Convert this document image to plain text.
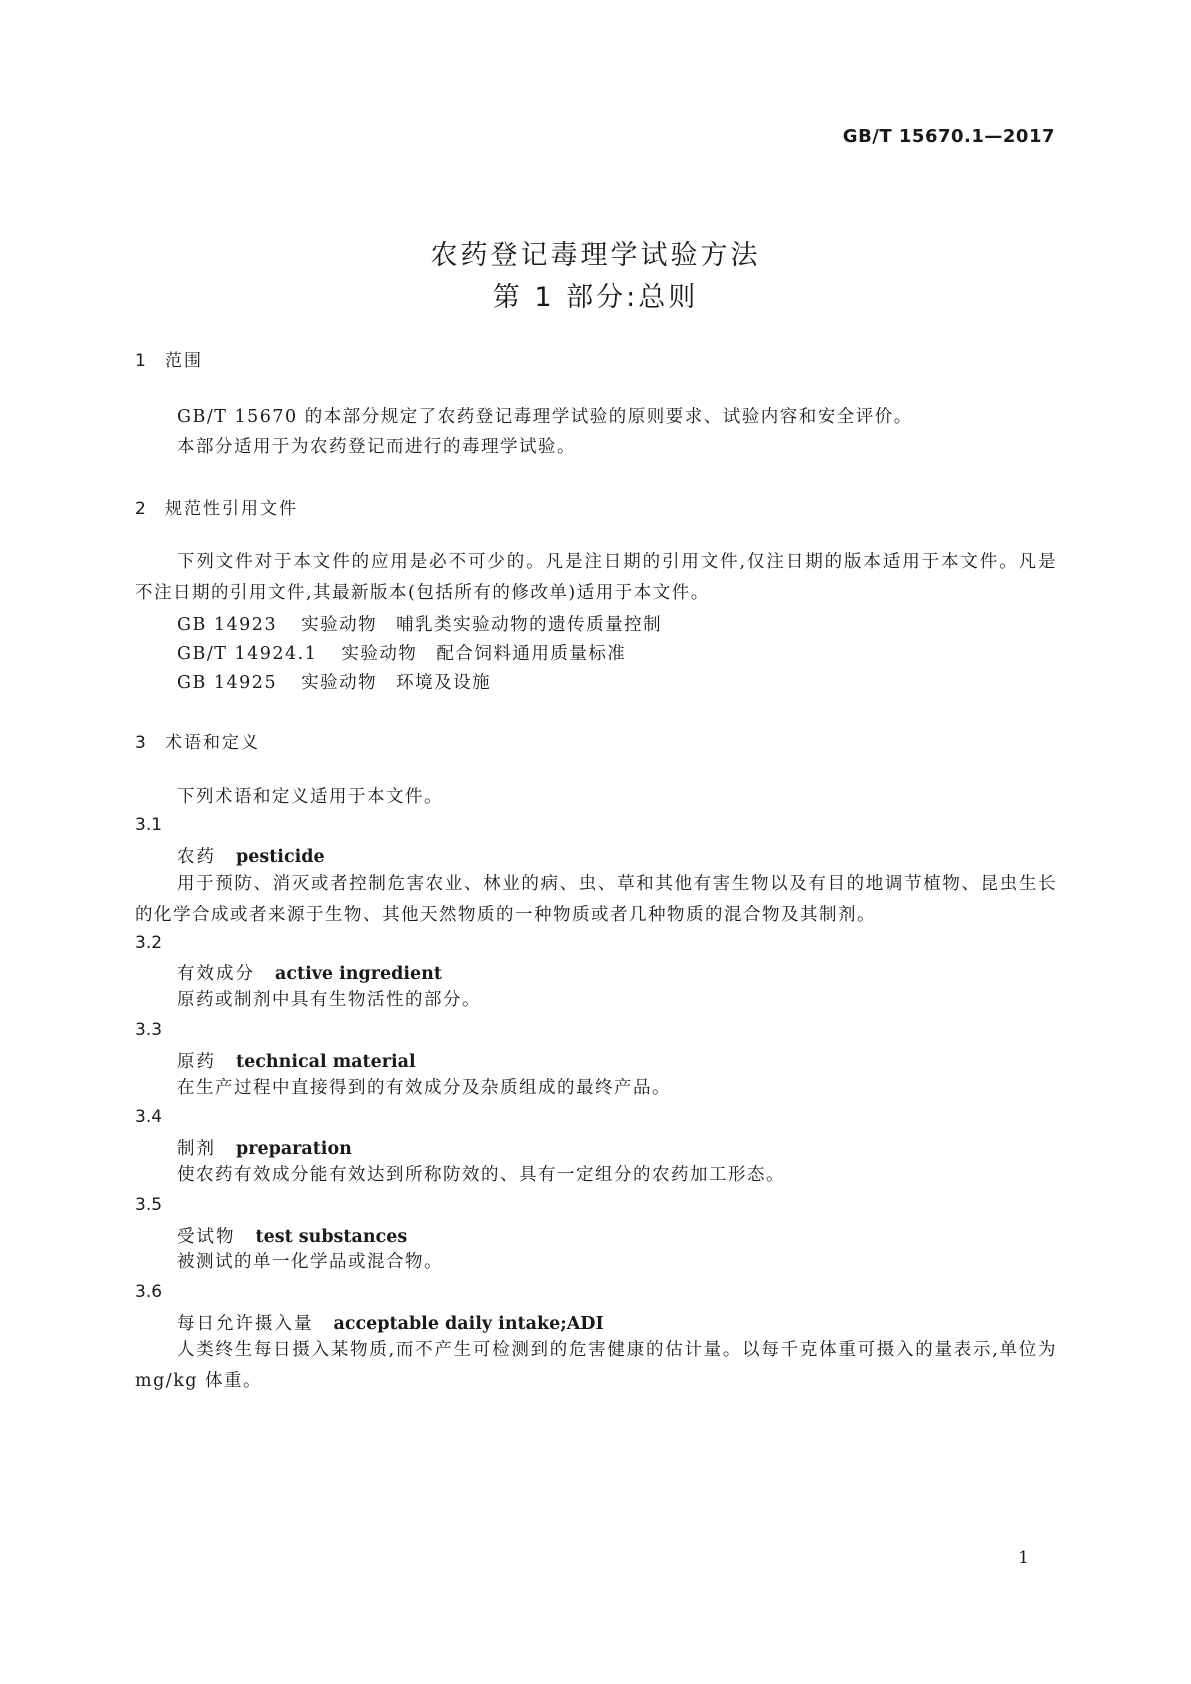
GB/T 15670.1—2017
农药登记毒理学试验方法
第 1 部分:总则
1 范围

GB/T 15670 的本部分规定了农药登记毒理学试验的原则要求、试验内容和安全评价。

本部分适用于为农药登记而进行的毒理学试验。

2 规范性引用文件

下列文件对于本文件的应用是必不可少的。凡是注日期的引用文件,仅注日期的版本适用于本文件。凡是不注日期的引用文件,其最新版本(包括所有的修改单)适用于本文件。

GB 14923 实验动物　哺乳类实验动物的遗传质量控制
GB/T 14924.1 实验动物　配合饲料通用质量标准
GB 14925 实验动物　环境及设施
3 术语和定义

下列术语和定义适用于本文件。

3.1
农药 pesticide

用于预防、消灭或者控制危害农业、林业的病、虫、草和其他有害生物以及有目的地调节植物、昆虫生长的化学合成或者来源于生物、其他天然物质的一种物质或者几种物质的混合物及其制剂。

3.2
有效成分 active ingredient

原药或制剂中具有生物活性的部分。

3.3
原药 technical material

在生产过程中直接得到的有效成分及杂质组成的最终产品。

3.4
制剂 preparation

使农药有效成分能有效达到所称防效的、具有一定组分的农药加工形态。

3.5
受试物 test substances

被测试的单一化学品或混合物。

3.6
每日允许摄入量 acceptable daily intake;ADI

人类终生每日摄入某物质,而不产生可检测到的危害健康的估计量。以每千克体重可摄入的量表示,单位为 mg/kg 体重。

1
